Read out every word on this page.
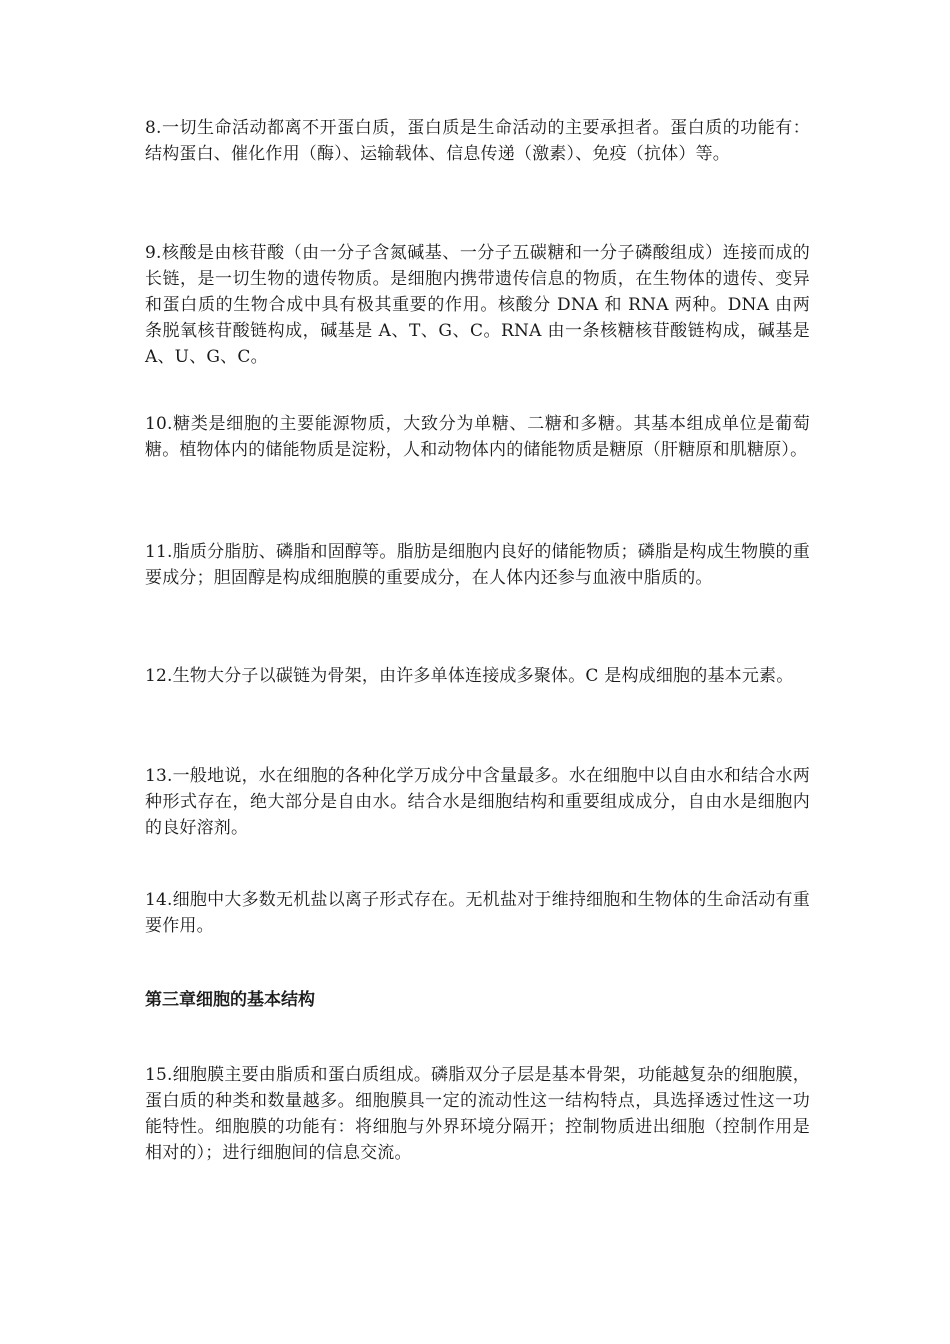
8.一切生命活动都离不开蛋白质，蛋白质是生命活动的主要承担者。蛋白质的功能有：结构蛋白、催化作用（酶）、运输载体、信息传递（激素）、免疫（抗体）等。

9.核酸是由核苷酸（由一分子含氮碱基、一分子五碳糖和一分子磷酸组成）连接而成的长链，是一切生物的遗传物质。是细胞内携带遗传信息的物质，在生物体的遗传、变异和蛋白质的生物合成中具有极其重要的作用。核酸分 DNA 和 RNA 两种。DNA 由两条脱氧核苷酸链构成，碱基是 A、T、G、C。RNA 由一条核糖核苷酸链构成，碱基是 A、U、G、C。

10.糖类是细胞的主要能源物质，大致分为单糖、二糖和多糖。其基本组成单位是葡萄糖。植物体内的储能物质是淀粉，人和动物体内的储能物质是糖原（肝糖原和肌糖原）。

11.脂质分脂肪、磷脂和固醇等。脂肪是细胞内良好的储能物质；磷脂是构成生物膜的重要成分；胆固醇是构成细胞膜的重要成分，在人体内还参与血液中脂质的。

12.生物大分子以碳链为骨架，由许多单体连接成多聚体。C 是构成细胞的基本元素。

13.一般地说，水在细胞的各种化学万成分中含量最多。水在细胞中以自由水和结合水两种形式存在，绝大部分是自由水。结合水是细胞结构和重要组成成分，自由水是细胞内的良好溶剂。

14.细胞中大多数无机盐以离子形式存在。无机盐对于维持细胞和生物体的生命活动有重要作用。

第三章细胞的基本结构

15.细胞膜主要由脂质和蛋白质组成。磷脂双分子层是基本骨架，功能越复杂的细胞膜，蛋白质的种类和数量越多。细胞膜具一定的流动性这一结构特点，具选择透过性这一功能特性。细胞膜的功能有：将细胞与外界环境分隔开；控制物质进出细胞（控制作用是相对的）；进行细胞间的信息交流。
